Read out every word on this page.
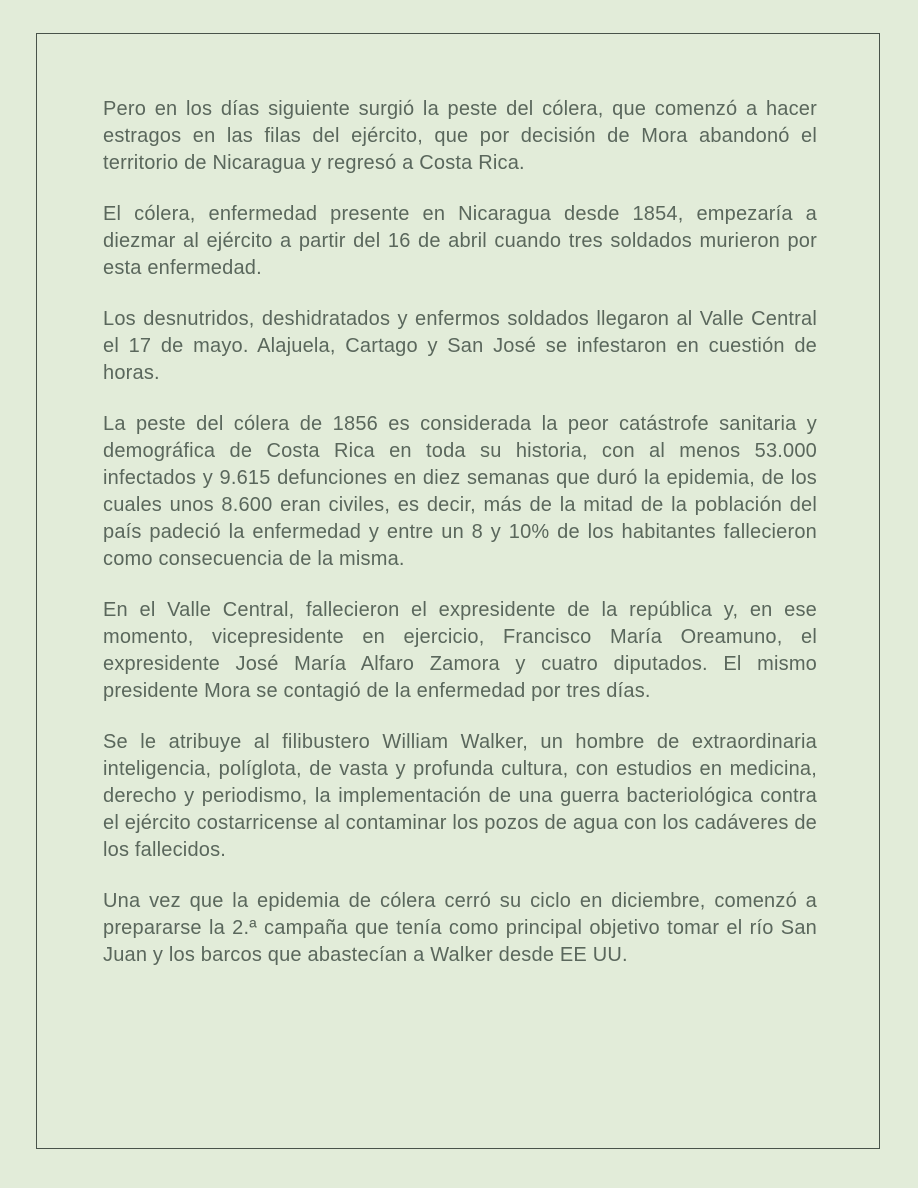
Pero en los días siguiente surgió la peste del cólera, que comenzó a hacer estragos en las filas del ejército, que por decisión de Mora abandonó el territorio de Nicaragua y regresó a Costa Rica.

El cólera, enfermedad presente en Nicaragua desde 1854, empezaría a diezmar al ejército a partir del 16 de abril cuando tres soldados murieron por esta enfermedad.

Los desnutridos, deshidratados y enfermos soldados llegaron al Valle Central el 17 de mayo. Alajuela, Cartago y San José se infestaron en cuestión de horas.

La peste del cólera de 1856 es considerada la peor catástrofe sanitaria y demográfica de Costa Rica en toda su historia, con al menos 53.000 infectados y 9.615 defunciones en diez semanas que duró la epidemia, de los cuales unos 8.600 eran civiles, es decir, más de la mitad de la población del país padeció la enfermedad y entre un 8 y 10% de los habitantes fallecieron como consecuencia de la misma.

En el Valle Central, fallecieron el expresidente de la república y, en ese momento, vicepresidente en ejercicio, Francisco María Oreamuno, el expresidente José María Alfaro Zamora y cuatro diputados. El mismo presidente Mora se contagió de la enfermedad por tres días.

Se le atribuye al filibustero William Walker, un hombre de extraordinaria inteligencia, políglota, de vasta y profunda cultura, con estudios en medicina, derecho y periodismo, la implementación de una guerra bacteriológica contra el ejército costarricense al contaminar los pozos de agua con los cadáveres de los fallecidos.

Una vez que la epidemia de cólera cerró su ciclo en diciembre, comenzó a prepararse la 2.ª campaña que tenía como principal objetivo tomar el río San Juan y los barcos que abastecían a Walker desde EE UU.
